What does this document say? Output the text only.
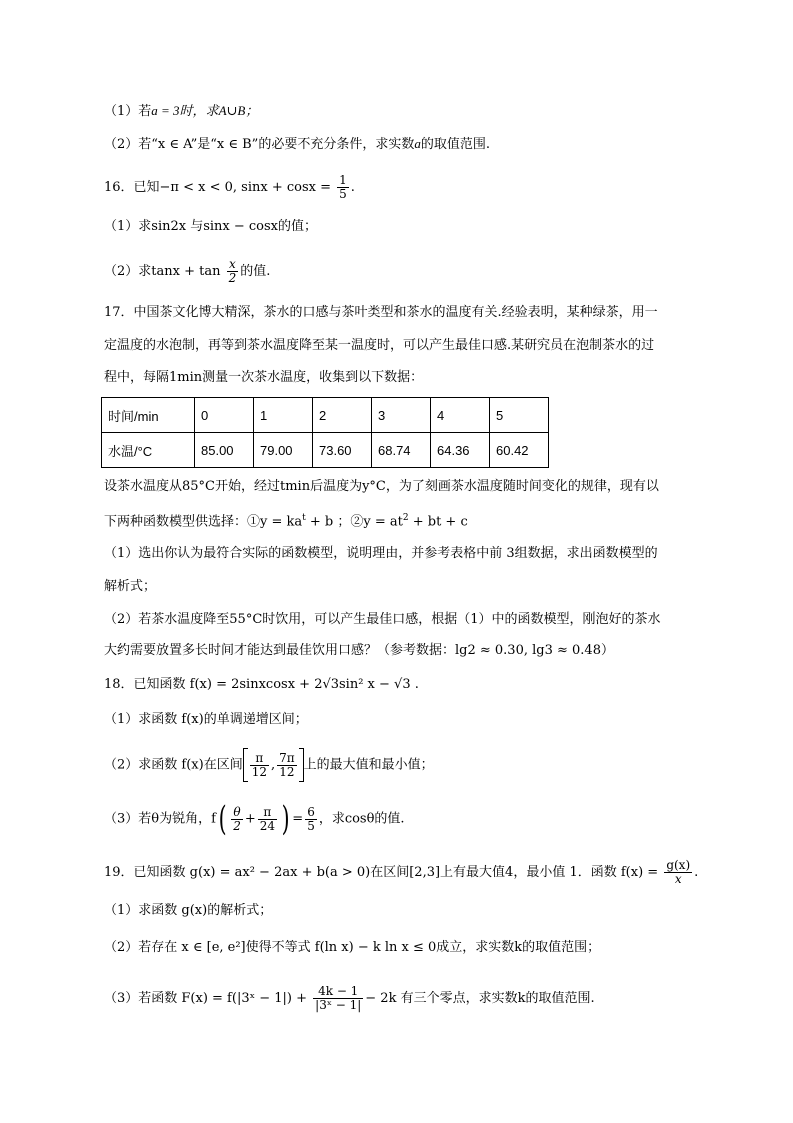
（1）若a = 3时，求A∪B；
（2）若“x ∈ A”是“x ∈ B”的必要不充分条件，求实数a的取值范围.
16．已知−π < x < 0, $\sin x + \cos x = \frac{1}{5}$ .
（1）求sin2x 与sinx − cosx的值；
（2）求$\tan x + \tan \frac{x}{2}$ 的值.
17．中国茶文化博大精深，茶水的口感与茶叶类型和茶水的温度有关.经验表明，某种绿茶，用一
定温度的水泡制，再等到茶水温度降至某一温度时，可以产生最佳口感.某研究员在泡制茶水的过
程中，每隔1min测量一次茶水温度，收集到以下数据：
时间/min	0	1	2	3	4	5
水温/°C	85.00	79.00	73.60	68.74	64.36	60.42
设茶水温度从85°C开始，经过tmin后温度为y°C，为了刻画茶水温度随时间变化的规律，现有以
下两种函数模型供选择：①y = $ka^t + b$ ；②y = $at^2$ + bt + c
（1）选出你认为最符合实际的函数模型，说明理由，并参考表格中前 3组数据，求出函数模型的
解析式；
（2）若茶水温度降至55°C时饮用，可以产生最佳口感，根据（1）中的函数模型，刚泡好的茶水
大约需要放置多长时间才能达到最佳饮用口感？（参考数据：lg2 ≈ 0.30, lg3 ≈ 0.48）
18．已知函数 f(x) = 2sinxcosx + 2√3sin² x − √3 .
（1）求函数 f(x)的单调递增区间；
（2）求函数 f(x)在区间 $\frac{\pi}{12}$ , $\frac{7\pi}{12}$ 上的最大值和最小值；
（3）若θ为锐角，$f( \frac{\theta}{2} + \frac{\pi}{24}$ ) = $\frac{6}{5}$ ，求cosθ的值.
19．已知函数 g(x) = ax² − 2ax + b(a > 0)在区间[2,3]上有最大值4，最小值 1．函数 $f(x) = \frac{g(x)}{x}$ .
（1）求函数 g(x)的解析式；
（2）若存在 x ∈ [e, e²]使得不等式 f(ln x) − k ln x ≤ 0成立，求实数k的取值范围；
（3）若函数 F(x) = f(|3ˣ − $1|) + \frac{4k - 1}{\text{|3ˣ − 1|}} - 2k$ 有三个零点，求实数k的取值范围.
